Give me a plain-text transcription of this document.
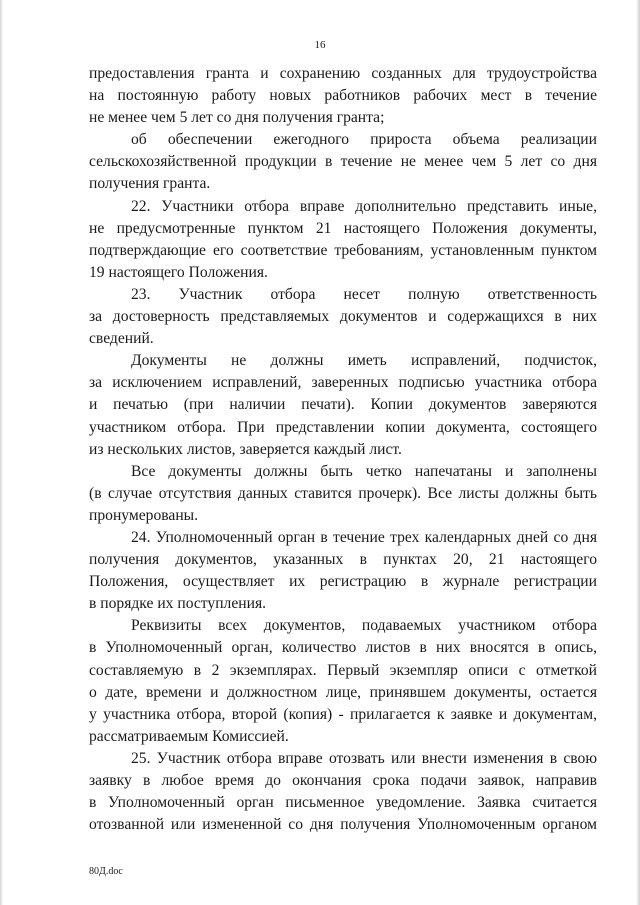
16

предоставления гранта и сохранению созданных для трудоустройства
на постоянную работу новых работников рабочих мест в течение
не менее чем 5 лет со дня получения гранта;

об обеспечении ежегодного прироста объема реализации
сельскохозяйственной продукции в течение не менее чем 5 лет со дня
получения гранта.

22. Участники отбора вправе дополнительно представить иные,
не предусмотренные пунктом 21 настоящего Положения документы,
подтверждающие его соответствие требованиям, установленным пунктом
19 настоящего Положения.

23. Участник отбора несет полную ответственность
за достоверность представляемых документов и содержащихся в них
сведений.

Документы не должны иметь исправлений, подчисток,
за исключением исправлений, заверенных подписью участника отбора
и печатью (при наличии печати). Копии документов заверяются
участником отбора. При представлении копии документа, состоящего
из нескольких листов, заверяется каждый лист.

Все документы должны быть четко напечатаны и заполнены
(в случае отсутствия данных ставится прочерк). Все листы должны быть
пронумерованы.

24. Уполномоченный орган в течение трех календарных дней со дня
получения документов, указанных в пунктах 20, 21 настоящего
Положения, осуществляет их регистрацию в журнале регистрации
в порядке их поступления.

Реквизиты всех документов, подаваемых участником отбора
в Уполномоченный орган, количество листов в них вносятся в опись,
составляемую в 2 экземплярах. Первый экземпляр описи с отметкой
о дате, времени и должностном лице, принявшем документы, остается
у участника отбора, второй (копия) - прилагается к заявке и документам,
рассматриваемым Комиссией.

25. Участник отбора вправе отозвать или внести изменения в свою
заявку в любое время до окончания срока подачи заявок, направив
в Уполномоченный орган письменное уведомление. Заявка считается
отозванной или измененной со дня получения Уполномоченным органом

80Д.doc
